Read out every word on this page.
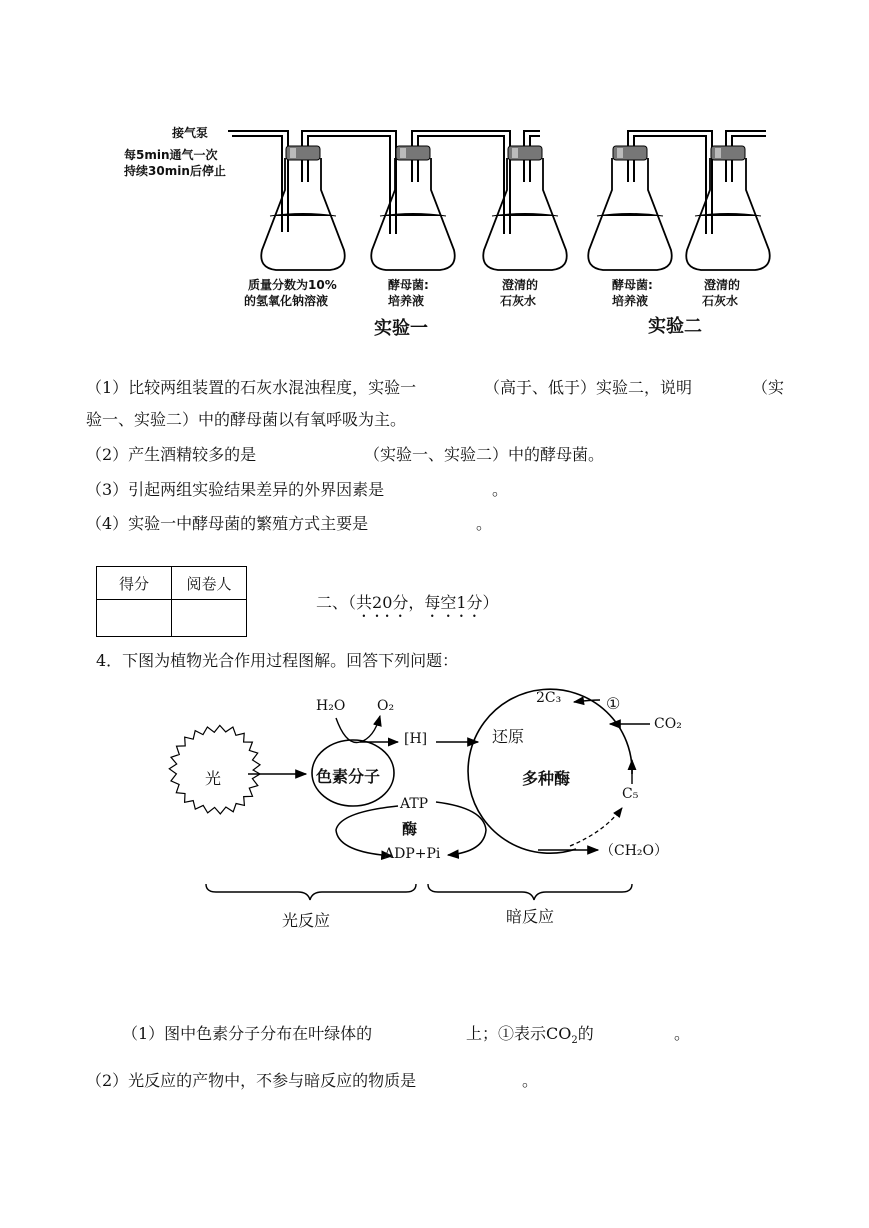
接气泵
每5min通气一次
持续30min后停止
质量分数为10%
的氢氧化钠溶液
酵母菌:
培养液
澄清的
石灰水
酵母菌:
培养液
澄清的
石灰水
实验一	实验二
（1）比较两组装置的石灰水混浊程度，实验一	（高于、低于）实验二，说明	（实
验一、实验二）中的酵母菌以有氧呼吸为主。
（2）产生酒精较多的是	（实验一、实验二）中的酵母菌。
（3）引起两组实验结果差异的外界因素是	。
（4）实验一中酵母菌的繁殖方式主要是	。
得分	阅卷人

二、（共20分，每空1分）
4．下图为植物光合作用过程图解。回答下列问题：
光
H₂O O₂
[H]
色素分子
ATP
酶
ADP+Pi
2C₃
还原
多种酶
①
CO₂
C₅
（CH₂O）
光反应	暗反应
（1）图中色素分子分布在叶绿体的	上；①表示$CO_2$的	。
（2）光反应的产物中，不参与暗反应的物质是	。
